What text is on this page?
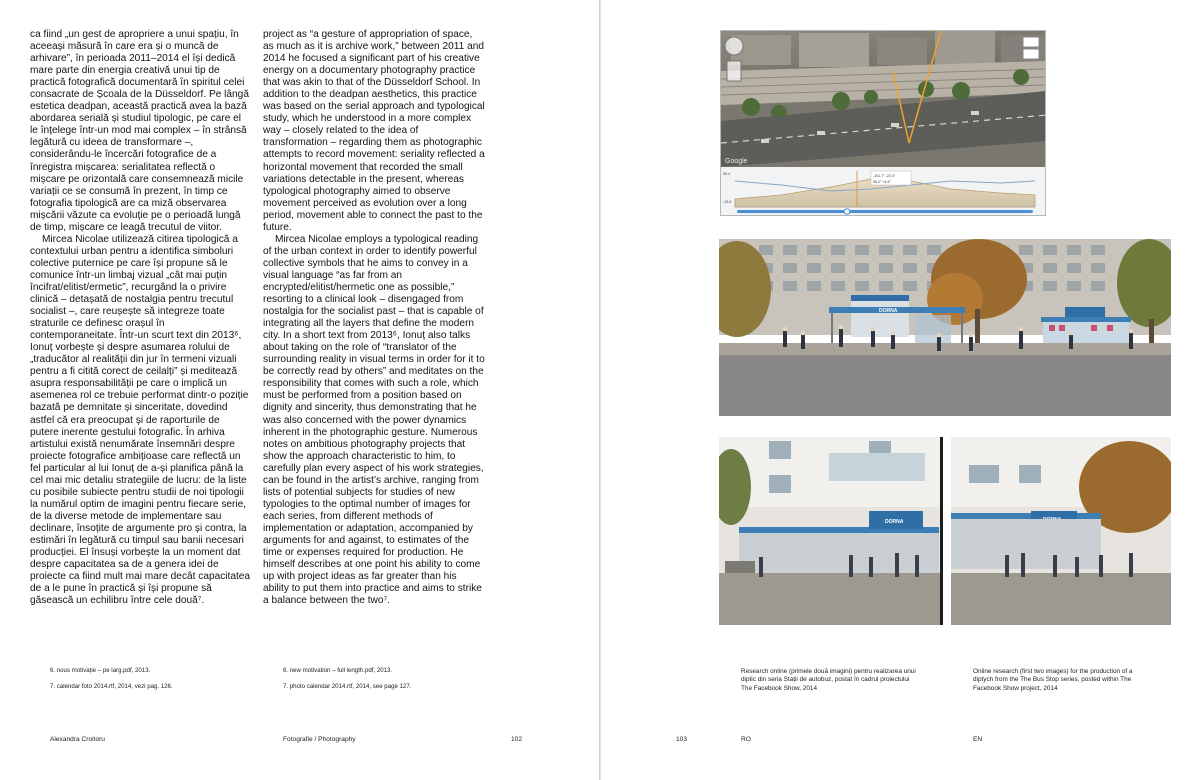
ca fiind „un gest de apropriere a unui spațiu, în aceeași măsură în care era și o muncă de arhivare”, în perioada 2011–2014 el își dedică mare parte din energia creativă unui tip de practică fotografică documentară în spiritul celei consacrate de Școala de la Düsseldorf. Pe lângă estetica deadpan, această practică avea la bază abordarea serială și studiul tipologic, pe care el le înțelege într-un mod mai complex – în strânsă legătură cu ideea de transformare –, considerându-le încercări fotografice de a înregistra mișcarea: serialitatea reflectă o mișcare pe orizontală care consemnează micile variații ce se consumă în prezent, în timp ce fotografia tipologică are ca miză observarea mișcării văzute ca evoluție pe o perioadă lungă de timp, mișcare ce leagă trecutul de viitor.

Mircea Nicolae utilizează citirea tipologică a contextului urban pentru a identifica simboluri colective puternice pe care își propune să le comunice într-un limbaj vizual „cât mai puțin încifrat/elitist/ermetic”, recurgând la o privire clinică – detașată de nostalgia pentru trecutul socialist –, care reușește să integreze toate straturile ce definesc orașul în contemporaneitate. Într-un scurt text din 2013⁶, Ionuț vorbește și despre asumarea rolului de „traducător al realității din jur în termeni vizuali pentru a fi citită corect de ceilalți” și meditează asupra responsabilității pe care o implică un asemenea rol ce trebuie performat dintr-o poziție bazată pe demnitate și sinceritate, dovedind astfel că era preocupat și de raporturile de putere inerente gestului fotografic. În arhiva artistului există nenumărate însemnări despre proiecte fotografice ambițioase care reflectă un fel particular al lui Ionuț de a-și planifica până la cel mai mic detaliu strategiile de lucru: de la liste cu posibile subiecte pentru studii de noi tipologii la numărul optim de imagini pentru fiecare serie, de la diverse metode de implementare sau declinare, însoțite de argumente pro și contra, la estimări în legătură cu timpul sau banii necesari producției. El însuși vorbește la un moment dat despre capacitatea sa de a genera idei de proiecte ca fiind mult mai mare decât capacitatea de a le pune în practică și își propune să găsească un echilibru între cele două⁷.

project as “a gesture of appropriation of space, as much as it is archive work,” between 2011 and 2014 he focused a significant part of his creative energy on a documentary photography practice that was akin to that of the Düsseldorf School. In addition to the deadpan aesthetics, this practice was based on the serial approach and typological study, which he understood in a more complex way – closely related to the idea of transformation – regarding them as photographic attempts to record movement: seriality reflected a horizontal movement that recorded the small variations detectable in the present, whereas typological photography aimed to observe movement perceived as evolution over a long period, movement able to connect the past to the future.

Mircea Nicolae employs a typological reading of the urban context in order to identify powerful collective symbols that he aims to convey in a visual language “as far from an encrypted/elitist/hermetic one as possible,” resorting to a clinical look – disengaged from nostalgia for the socialist past – that is capable of integrating all the layers that define the modern city. In a short text from 2013⁶, Ionuț also talks about taking on the role of “translator of the surrounding reality in visual terms in order for it to be correctly read by others” and meditates on the responsibility that comes with such a role, which must be performed from a position based on dignity and sincerity, thus demonstrating that he was also concerned with the power dynamics inherent in the photographic gesture. Numerous notes on ambitious photography projects that show the approach characteristic to him, to carefully plan every aspect of his work strategies, can be found in the artist’s archive, ranging from lists of potential subjects for studies of new typologies to the optimal number of images for each series, from different methods of implementation or adaptation, accompanied by arguments for and against, to estimates of the time or expenses required for production. He himself describes at one point his ability to come up with project ideas as far greater than his ability to put them into practice and aims to strike a balance between the two⁷.

6. nous motivație – pe larg.pdf, 2013.
7. calendar foto 2014.rtf, 2014, vezi pag. 126.
6. new motivation – full length.pdf, 2013.
7. photo calendar 2014.rtf, 2014, see page 127.
Alexandra Croitoru	Fotografie / Photography	102
Google
-101.7° -22.4°
96.2° +4.5°
55.4
-43.5
DORNA
DORNA
Research online (primele două imagini) pentru realizarea unui diptic din seria Stații de autobuz, postat în cadrul proiectului The Facebook Show, 2014
Online research (first two images) for the production of a diptych from the The Bus Stop series, posted within The Facebook Show project, 2014
103	RO	EN
